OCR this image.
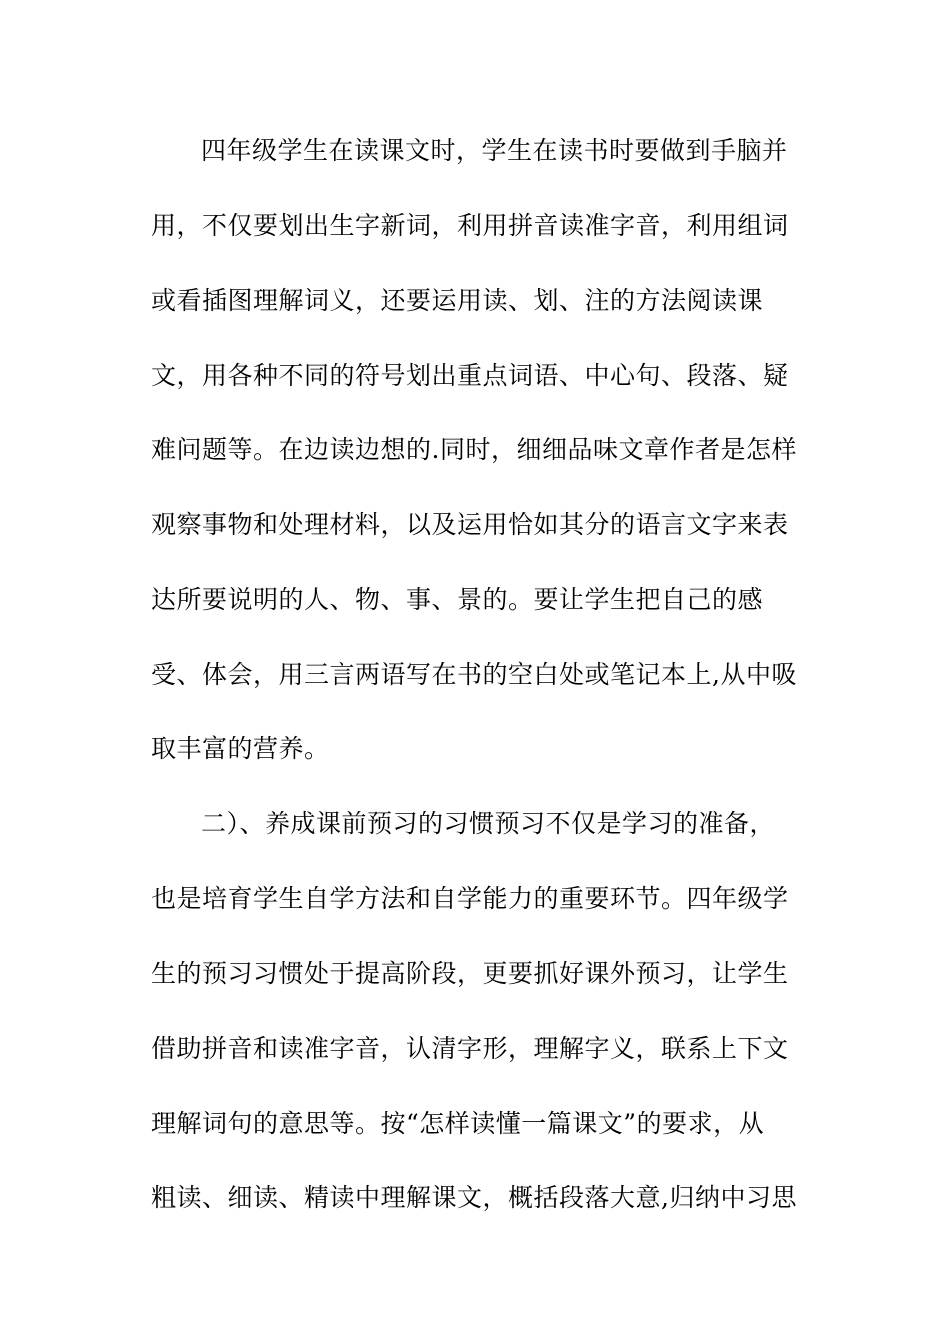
四年级学生在读课文时，学生在读书时要做到手脑并
用，不仅要划出生字新词，利用拼音读准字音，利用组词
或看插图理解词义，还要运用读、划、注的方法阅读课
文，用各种不同的符号划出重点词语、中心句、段落、疑
难问题等。在边读边想的.同时，细细品味文章作者是怎样
观察事物和处理材料，以及运用恰如其分的语言文字来表
达所要说明的人、物、事、景的。要让学生把自己的感
受、体会，用三言两语写在书的空白处或笔记本上,从中吸
取丰富的营养。
二）、养成课前预习的习惯预习不仅是学习的准备，
也是培育学生自学方法和自学能力的重要环节。四年级学
生的预习习惯处于提高阶段，更要抓好课外预习，让学生
借助拼音和读准字音，认清字形，理解字义，联系上下文
理解词句的意思等。按“怎样读懂一篇课文”的要求，从
粗读、细读、精读中理解课文，概括段落大意,归纳中习思
